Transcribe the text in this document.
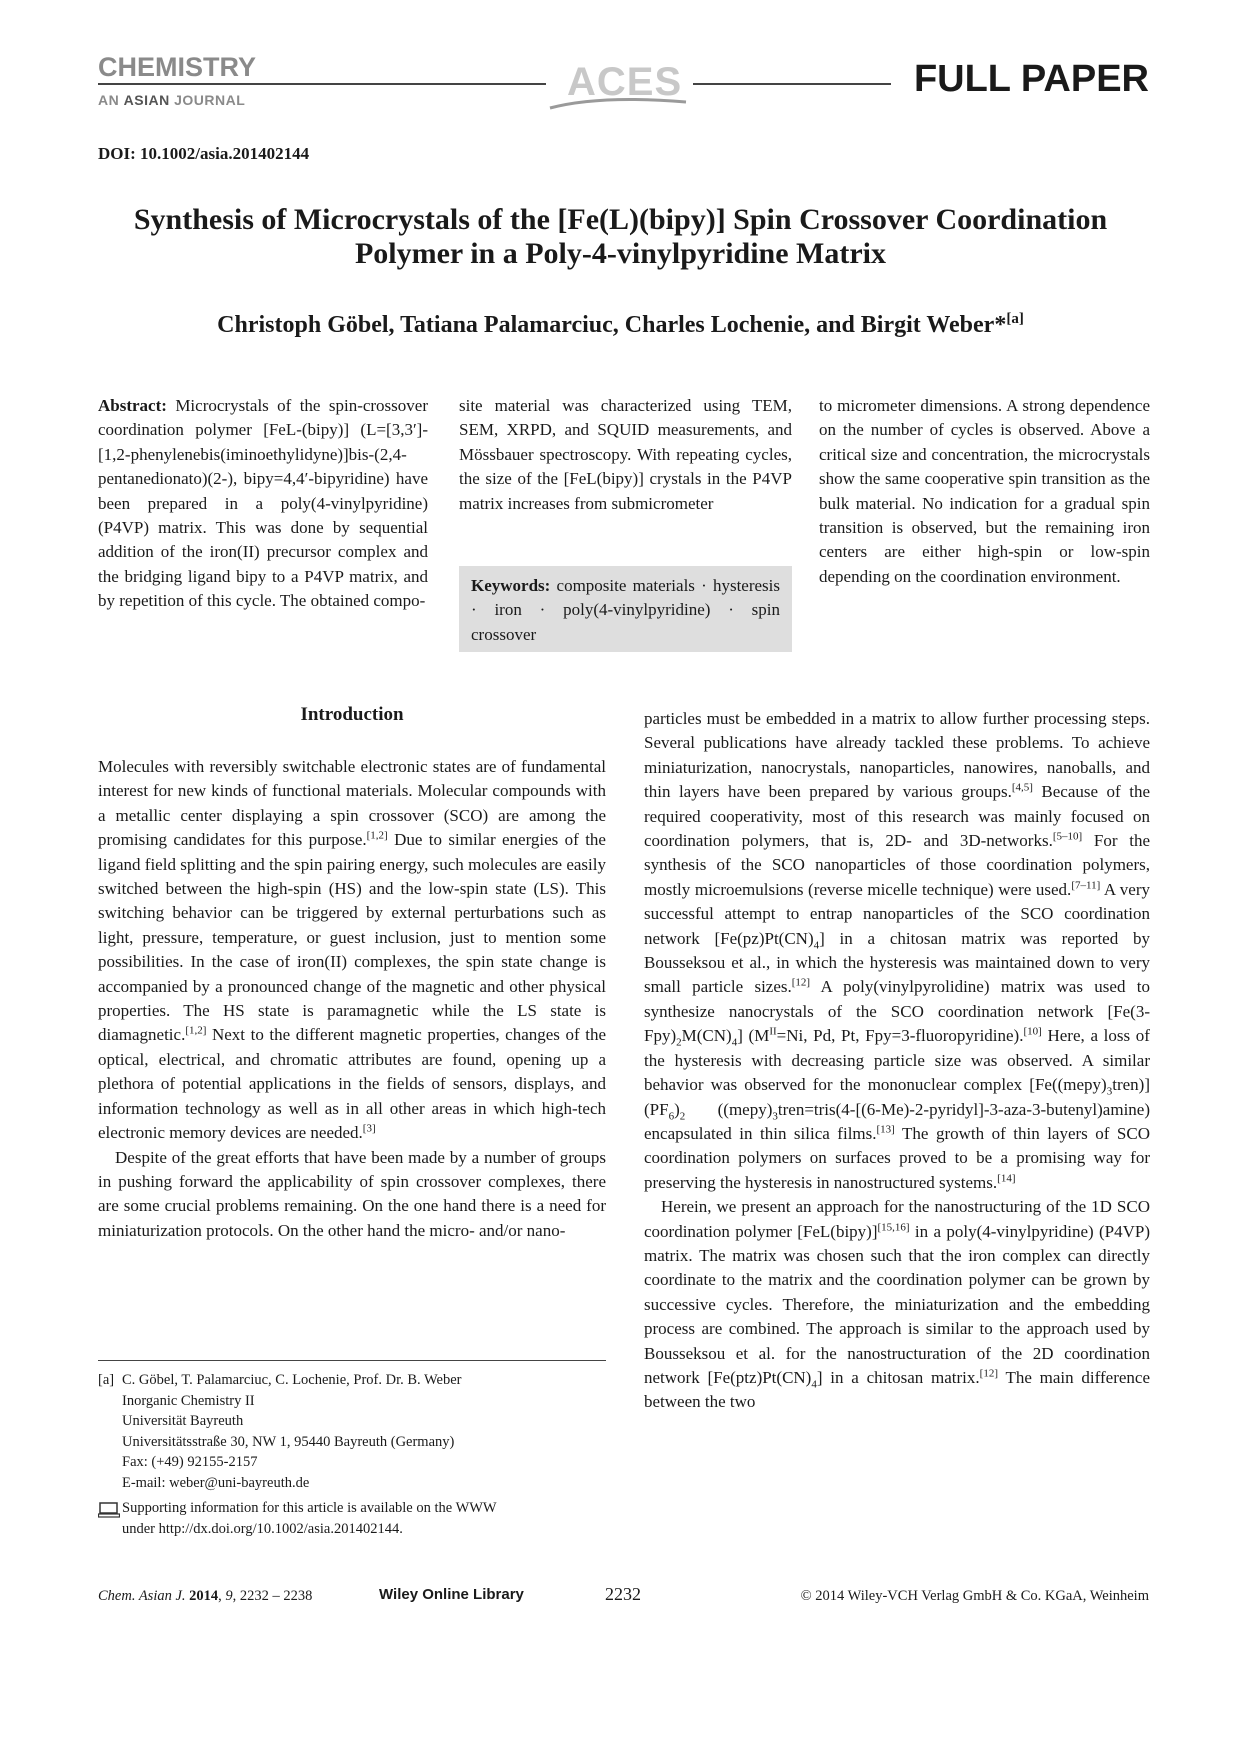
CHEMISTRY
AN ASIAN JOURNAL	ACES	FULL PAPER
DOI: 10.1002/asia.201402144
Synthesis of Microcrystals of the [Fe(L)(bipy)] Spin Crossover Coordination
Polymer in a Poly-4-vinylpyridine Matrix
Christoph Göbel, Tatiana Palamarciuc, Charles Lochenie, and Birgit Weber*[a]

Abstract: Microcrystals of the spin-crossover coordination polymer [FeL-(bipy)] (L=[3,3′]-[1,2-phenylenebis(iminoethylidyne)]bis-(2,4-pentanedionato)(2-), bipy=4,4′-bipyridine) have been prepared in a poly(4-vinylpyridine) (P4VP) matrix. This was done by sequential addition of the iron(II) precursor complex and the bridging ligand bipy to a P4VP matrix, and by repetition of this cycle. The obtained compo-

site material was characterized using TEM, SEM, XRPD, and SQUID measurements, and Mössbauer spectroscopy. With repeating cycles, the size of the [FeL(bipy)] crystals in the P4VP matrix increases from submicrometer

Keywords: composite materials · hysteresis · iron · poly(4-vinylpyridine) · spin crossover

to micrometer dimensions. A strong dependence on the number of cycles is observed. Above a critical size and concentration, the microcrystals show the same cooperative spin transition as the bulk material. No indication for a gradual spin transition is observed, but the remaining iron centers are either high-spin or low-spin depending on the coordination environment.

Introduction

Molecules with reversibly switchable electronic states are of fundamental interest for new kinds of functional materials. Molecular compounds with a metallic center displaying a spin crossover (SCO) are among the promising candidates for this purpose.[1,2] Due to similar energies of the ligand field splitting and the spin pairing energy, such molecules are easily switched between the high-spin (HS) and the low-spin state (LS). This switching behavior can be triggered by external perturbations such as light, pressure, temperature, or guest inclusion, just to mention some possibilities. In the case of iron(II) complexes, the spin state change is accompanied by a pronounced change of the magnetic and other physical properties. The HS state is paramagnetic while the LS state is diamagnetic.[1,2] Next to the different magnetic properties, changes of the optical, electrical, and chromatic attributes are found, opening up a plethora of potential applications in the fields of sensors, displays, and information technology as well as in all other areas in which high-tech electronic memory devices are needed.[3]

Despite of the great efforts that have been made by a number of groups in pushing forward the applicability of spin crossover complexes, there are some crucial problems remaining. On the one hand there is a need for miniaturization protocols. On the other hand the micro- and/or nano-

particles must be embedded in a matrix to allow further processing steps. Several publications have already tackled these problems. To achieve miniaturization, nanocrystals, nanoparticles, nanowires, nanoballs, and thin layers have been prepared by various groups.[4,5] Because of the required cooperativity, most of this research was mainly focused on coordination polymers, that is, 2D- and 3D-networks.[5–10] For the synthesis of the SCO nanoparticles of those coordination polymers, mostly microemulsions (reverse micelle technique) were used.[7–11] A very successful attempt to entrap nanoparticles of the SCO coordination network $[Fe(pz)Pt(CN)_4]$ in a chitosan matrix was reported by Bousseksou et al., in which the hysteresis was maintained down to very small particle sizes.[12] A poly(vinylpyrolidine) matrix was used to synthesize nanocrystals of the SCO coordination network $[Fe(3-Fpy)_2M(CN)_4]$ ($M^{II}=Ni$, Pd, Pt, Fpy=3-fluoropyridine).[10] Here, a loss of the hysteresis with decreasing particle size was observed. A similar behavior was observed for the mononuclear complex $[Fe((mepy)_3tren)](PF_6)_2$ $((mepy)_3tren=tris(4-[(6-Me)-2-pyridyl]-3-aza-3-butenyl)amine)$ encapsulated in thin silica films.[13] The growth of thin layers of SCO coordination polymers on surfaces proved to be a promising way for preserving the hysteresis in nanostructured systems.[14]

Herein, we present an approach for the nanostructuring of the 1D SCO coordination polymer [FeL(bipy)][15,16] in a poly(4-vinylpyridine) (P4VP) matrix. The matrix was chosen such that the iron complex can directly coordinate to the matrix and the coordination polymer can be grown by successive cycles. Therefore, the miniaturization and the embedding process are combined. The approach is similar to the approach used by Bousseksou et al. for the nanostructuration of the 2D coordination network $[Fe(ptz)Pt(CN)_4]$ in a chitosan matrix.[12] The main difference between the two

[a] C. Göbel, T. Palamarciuc, C. Lochenie, Prof. Dr. B. Weber
Inorganic Chemistry II
Universität Bayreuth
Universitätsstraße 30, NW 1, 95440 Bayreuth (Germany)
Fax: (+49) 92155-2157
E-mail: weber@uni-bayreuth.de
Supporting information for this article is available on the WWW
under http://dx.doi.org/10.1002/asia.201402144.
Chem. Asian J. 2014, 9, 2232 – 2238	Wiley Online Library	2232	© 2014 Wiley-VCH Verlag GmbH & Co. KGaA, Weinheim
